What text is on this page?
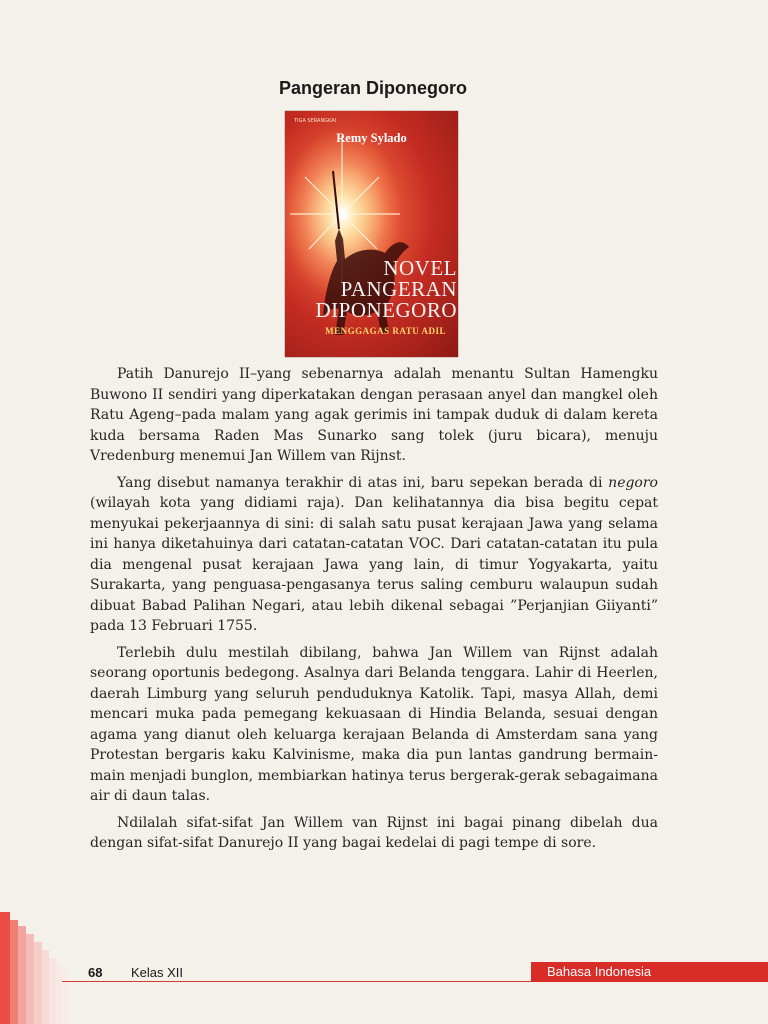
Pangeran Diponegoro
TIGA SERANGKAI
Remy Sylado
NOVEL
PANGERAN
DIPONEGORO
MENGGAGAS RATU ADIL

Patih Danurejo II–yang sebenarnya adalah menantu Sultan Hamengku Buwono II sendiri yang diperkatakan dengan perasaan anyel dan mangkel oleh Ratu Ageng–pada malam yang agak gerimis ini tampak duduk di dalam kereta kuda bersama Raden Mas Sunarko sang tolek (juru bicara), menuju Vredenburg menemui Jan Willem van Rijnst.

Yang disebut namanya terakhir di atas ini, baru sepekan berada di negoro (wilayah kota yang didiami raja). Dan kelihatannya dia bisa begitu cepat menyukai pekerjaannya di sini: di salah satu pusat kerajaan Jawa yang selama ini hanya diketahuinya dari catatan-catatan VOC. Dari catatan-catatan itu pula dia mengenal pusat kerajaan Jawa yang lain, di timur Yogyakarta, yaitu Surakarta, yang penguasa-pengasanya terus saling cemburu walaupun sudah dibuat Babad Palihan Negari, atau lebih dikenal sebagai ”Perjanjian Giiyanti” pada 13 Februari 1755.

Terlebih dulu mestilah dibilang, bahwa Jan Willem van Rijnst adalah seorang oportunis bedegong. Asalnya dari Belanda tenggara. Lahir di Heerlen, daerah Limburg yang seluruh penduduknya Katolik. Tapi, masya Allah, demi mencari muka pada pemegang kekuasaan di Hindia Belanda, sesuai dengan agama yang dianut oleh keluarga kerajaan Belanda di Amsterdam sana yang Protestan bergaris kaku Kalvinisme, maka dia pun lantas gandrung bermain-main menjadi bunglon, membiarkan hatinya terus bergerak-gerak sebagaimana air di daun talas.

Ndilalah sifat-sifat Jan Willem van Rijnst ini bagai pinang dibelah dua dengan sifat-sifat Danurejo II yang bagai kedelai di pagi tempe di sore.

68 Kelas XII	Bahasa Indonesia
